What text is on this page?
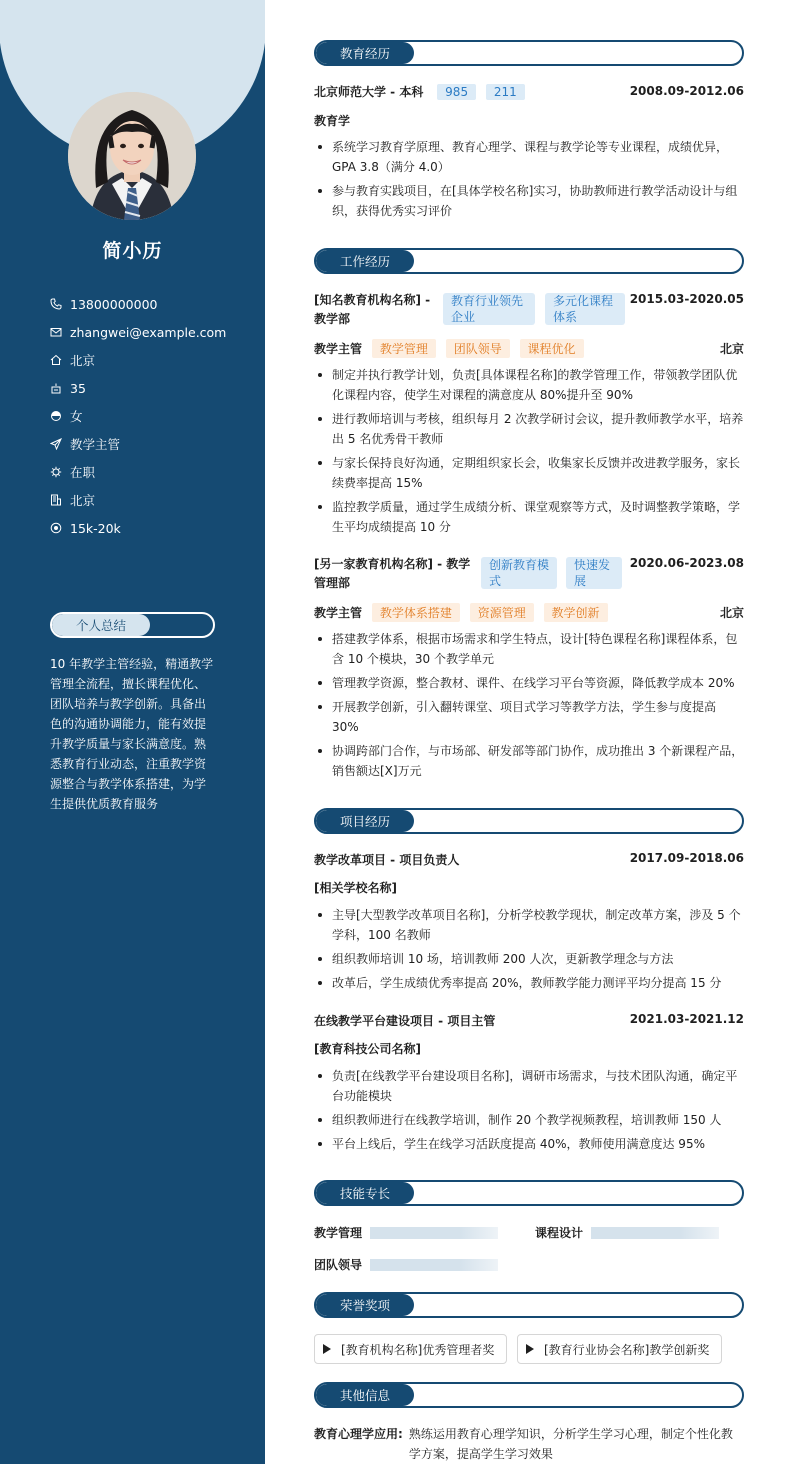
简小历
13800000000
zhangwei@example.com
北京
35
女
教学主管
在职
北京
15k-20k
个人总结
10 年教学主管经验，精通教学管理全流程，擅长课程优化、团队培养与教学创新。具备出色的沟通协调能力，能有效提升教学质量与家长满意度。熟悉教育行业动态，注重教学资源整合与教学体系搭建，为学生提供优质教育服务
教育经历
北京师范大学 - 本科 985 211	2008.09-2012.06
教育学
系统学习教育学原理、教育心理学、课程与教学论等专业课程，成绩优异，GPA 3.8（满分 4.0）
参与教育实践项目，在[具体学校名称]实习，协助教师进行教学活动设计与组织，获得优秀实习评价
工作经历
[知名教育机构名称] - 教学部
教育行业领先企业
多元化课程体系
2015.03-2020.05
教学主管 教学管理 团队领导 课程优化	北京
制定并执行教学计划，负责[具体课程名称]的教学管理工作，带领教学团队优化课程内容，使学生对课程的满意度从 80%提升至 90%
进行教师培训与考核，组织每月 2 次教学研讨会议，提升教师教学水平，培养出 5 名优秀骨干教师
与家长保持良好沟通，定期组织家长会，收集家长反馈并改进教学服务，家长续费率提高 15%
监控教学质量，通过学生成绩分析、课堂观察等方式，及时调整教学策略，学生平均成绩提高 10 分
[另一家教育机构名称] - 教学管理部
创新教育模式
快速发展
2020.06-2023.08
教学主管 教学体系搭建 资源管理 教学创新	北京
搭建教学体系，根据市场需求和学生特点，设计[特色课程名称]课程体系，包含 10 个模块，30 个教学单元
管理教学资源，整合教材、课件、在线学习平台等资源，降低教学成本 20%
开展教学创新，引入翻转课堂、项目式学习等教学方法，学生参与度提高 30%
协调跨部门合作，与市场部、研发部等部门协作，成功推出 3 个新课程产品，销售额达[X]万元
项目经历
教学改革项目 - 项目负责人	2017.09-2018.06
[相关学校名称]
主导[大型教学改革项目名称]，分析学校教学现状，制定改革方案，涉及 5 个学科，100 名教师
组织教师培训 10 场，培训教师 200 人次，更新教学理念与方法
改革后，学生成绩优秀率提高 20%，教师教学能力测评平均分提高 15 分
在线教学平台建设项目 - 项目主管	2021.03-2021.12
[教育科技公司名称]
负责[在线教学平台建设项目名称]，调研市场需求，与技术团队沟通，确定平台功能模块
组织教师进行在线教学培训，制作 20 个教学视频教程，培训教师 150 人
平台上线后，学生在线学习活跃度提高 40%，教师使用满意度达 95%
技能专长
教学管理	课程设计
团队领导
荣誉奖项
[教育机构名称]优秀管理者奖	[教育行业协会名称]教学创新奖
其他信息
教育心理学应用: 熟练运用教育心理学知识，分析学生学习心理，制定个性化教学方案，提高学生学习效果
